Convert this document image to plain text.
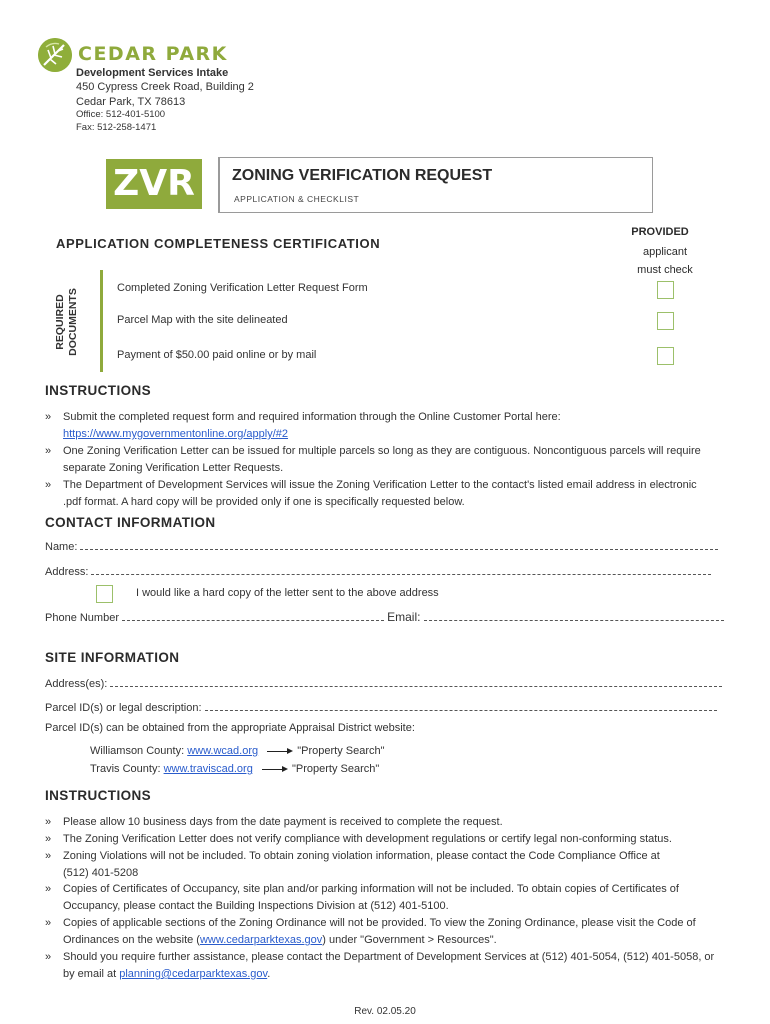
CEDAR PARK
Development Services Intake
450 Cypress Creek Road, Building 2
Cedar Park, TX 78613
Office: 512-401-5100
Fax: 512-258-1471
ZVR	ZONING VERIFICATION REQUEST
APPLICATION & CHECKLIST
APPLICATION COMPLETENESS CERTIFICATION
PROVIDED
applicant
must check
REQUIRED DOCUMENTS
Completed Zoning Verification Letter Request Form
Parcel Map with the site delineated
Payment of $50.00 paid online or by mail
INSTRUCTIONS
» Submit the completed request form and required information through the Online Customer Portal here:
https://www.mygovernmentonline.org/apply/#2
» One Zoning Verification Letter can be issued for multiple parcels so long as they are contiguous. Noncontiguous parcels will require
separate Zoning Verification Letter Requests.
» The Department of Development Services will issue the Zoning Verification Letter to the contact's listed email address in electronic
.pdf format. A hard copy will be provided only if one is specifically requested below.
CONTACT INFORMATION
Name:
Address:
I would like a hard copy of the letter sent to the above address
Phone Number	Email:
SITE INFORMATION
Address(es):
Parcel ID(s) or legal description:
Parcel ID(s) can be obtained from the appropriate Appraisal District website:
Williamson County: www.wcad.org	"Property Search"
Travis County: www.traviscad.org	"Property Search"
INSTRUCTIONS
» Please allow 10 business days from the date payment is received to complete the request.
» The Zoning Verification Letter does not verify compliance with development regulations or certify legal non-conforming status.
» Zoning Violations will not be included. To obtain zoning violation information, please contact the Code Compliance Office at
(512) 401-5208
» Copies of Certificates of Occupancy, site plan and/or parking information will not be included. To obtain copies of Certificates of
Occupancy, please contact the Building Inspections Division at (512) 401-5100.
» Copies of applicable sections of the Zoning Ordinance will not be provided. To view the Zoning Ordinance, please visit the Code of
Ordinances on the website (www.cedarparktexas.gov) under "Government > Resources".
» Should you require further assistance, please contact the Department of Development Services at (512) 401-5054, (512) 401-5058, or
by email at planning@cedarparktexas.gov.
Rev. 02.05.20
